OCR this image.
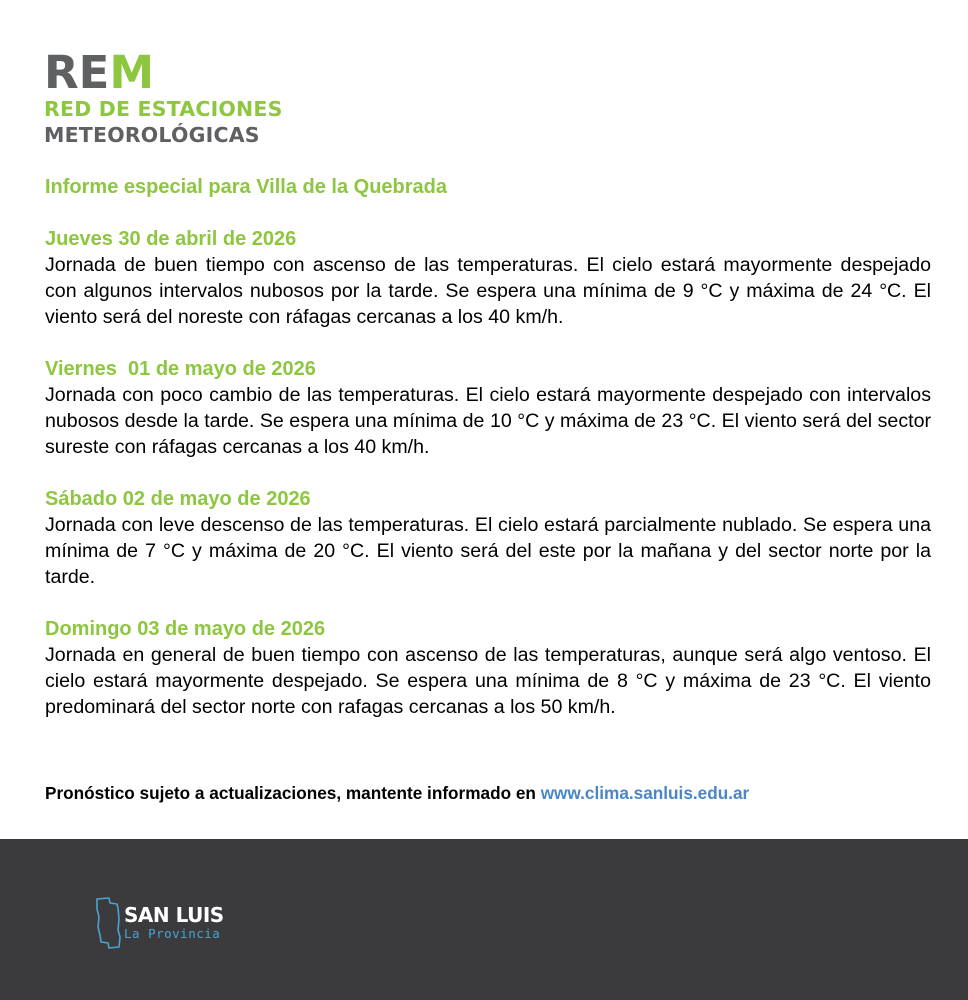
REM
RED DE ESTACIONES
METEOROLÓGICAS
Informe especial para Villa de la Quebrada
Jueves 30 de abril de 2026
Jornada de buen tiempo con ascenso de las temperaturas. El cielo estará mayormente despejado con algunos intervalos nubosos por la tarde. Se espera una mínima de 9 °C y máxima de 24 °C. El viento será del noreste con ráfagas cercanas a los 40 km/h.
Viernes  01 de mayo de 2026
Jornada con poco cambio de las temperaturas. El cielo estará mayormente despejado con intervalos nubosos desde la tarde. Se espera una mínima de 10 °C y máxima de 23 °C. El viento será del sector sureste con ráfagas cercanas a los 40 km/h.
Sábado 02 de mayo de 2026
Jornada con leve descenso de las temperaturas. El cielo estará parcialmente nublado. Se espera una mínima de 7 °C y máxima de 20 °C. El viento será del este por la mañana y del sector norte por la tarde.
Domingo 03 de mayo de 2026
Jornada en general de buen tiempo con ascenso de las temperaturas, aunque será algo ventoso. El cielo estará mayormente despejado. Se espera una mínima de 8 °C y máxima de 23 °C. El viento predominará del sector norte con rafagas cercanas a los 50 km/h.
Pronóstico sujeto a actualizaciones, mantente informado en www.clima.sanluis.edu.ar
SAN LUIS
La Provincia
